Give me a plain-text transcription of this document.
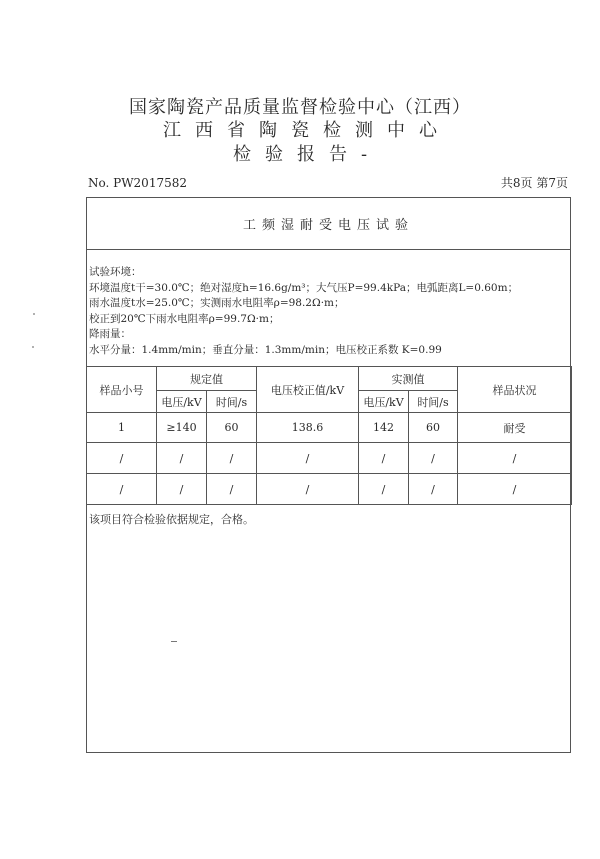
国家陶瓷产品质量监督检验中心（江西）
江西省陶瓷检测中心
检验报告-
No. PW2017582	共8页 第7页
工频湿耐受电压试验
试验环境：
环境温度t干=30.0℃；绝对湿度h=16.6g/m³；大气压P=99.4kPa；电弧距离L=0.60m；
雨水温度t水=25.0℃；实测雨水电阻率ρ=98.2Ω·m；
校正到20℃下雨水电阻率ρ=99.7Ω·m；
降雨量：
水平分量：1.4mm/min；垂直分量：1.3mm/min；电压校正系数 K=0.99
样品小号	规定值		电压校正值/kV	实测值		样品状况
	电压/kV	时间/s		电压/kV	时间/s	
1	≥140	60	138.6	142	60	耐受
/	/	/	/	/	/	/
/	/	/	/	/	/	/
该项目符合检验依据规定，合格。
